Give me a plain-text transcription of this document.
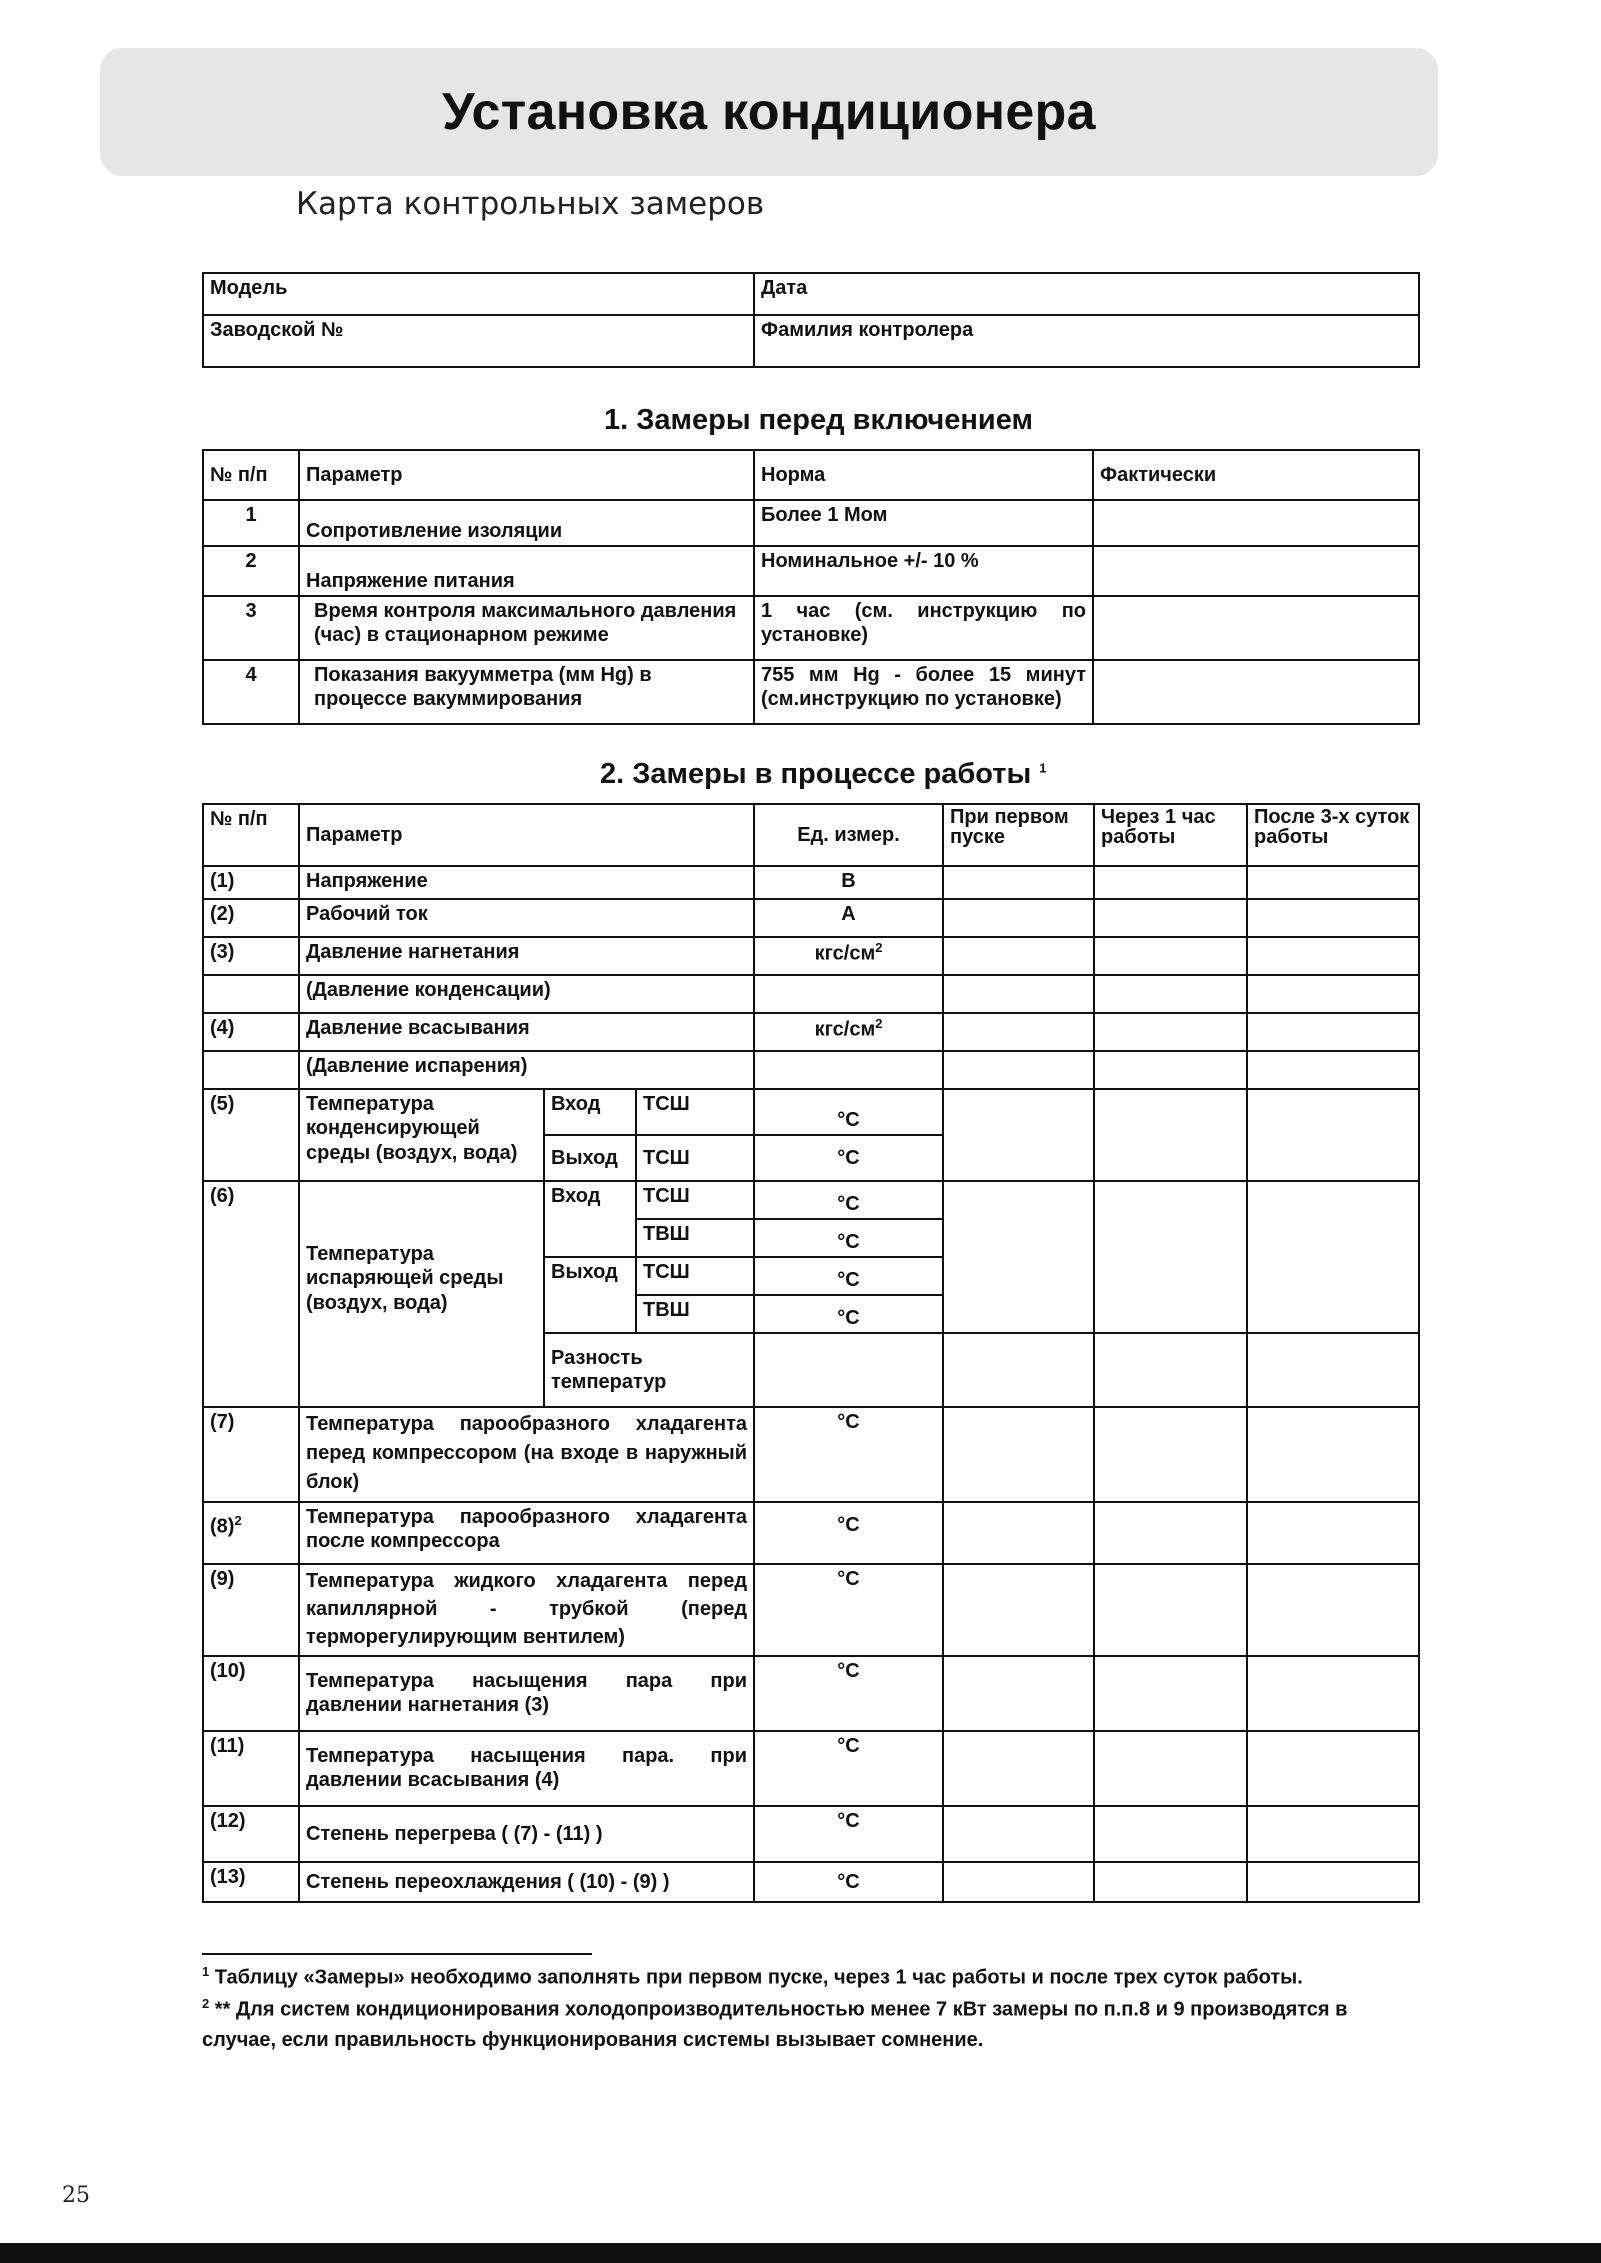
Установка кондиционера
Карта контрольных замеров
Модель	Дата
Заводской №	Фамилия контролера
1. Замеры перед включением
№ п/п	Параметр	Норма	Фактически
1	Сопротивление изоляции	Более 1 Мом	
2	Напряжение питания	Номинальное +/- 10 %	
3	Время контроля максимального давления (час) в стационарном режиме	1 час (см. инструкцию по установке)	
4	Показания вакуумметра (мм Hg) в процессе вакуммирования	755 мм Hg - более 15 минут (см.инструкцию по установке)	
2. Замеры в процессе работы $^1$
№ п/п	Параметр			Ед. измер.	При первом пуске	Через 1 час работы	После 3-х суток работы
(1)	Напряжение			В			
(2)	Рабочий ток			А			
(3)	Давление нагнетания			кгс/$см^2$			
	(Давление конденсации)						
(4)	Давление всасывания			кгс/$см^2$			
	(Давление испарения)						
(5)	Температура конденсирующей среды (воздух, вода)	Вход	ТСШ	°С			
		Выход	ТСШ	°С			
(6)	Температура испаряющей среды (воздух, вода)	Вход	ТСШ	°С			
			ТВШ	°С			
		Выход	ТСШ	°С			
			ТВШ	°С			
		Разность температур					
(7)	Температура парообразного хладагента перед компрессором (на входе в наружный блок)			°С			
$(8)^2$	Температура парообразного хладагента после компрессора			°С			
(9)	Температура жидкого хладагента перед капиллярной - трубкой (перед терморегулирующим вентилем)			°С			
(10)	Температура насыщения пара при давлении нагнетания (3)			°С			
(11)	Температура насыщения пара. при давлении всасывания (4)			°С			
(12)	Степень перегрева ( (7) - (11) )			°С			
(13)	Степень переохлаждения ( (10) - (9) )			°С			
$^1$ Таблицу «Замеры» необходимо заполнять при первом пуске, через 1 час работы и после трех суток работы.
$^2$ ** Для систем кондиционирования холодопроизводительностью менее 7 кВт замеры по п.п.8 и 9 производятся в случае, если правильность функционирования системы вызывает сомнение.
25
